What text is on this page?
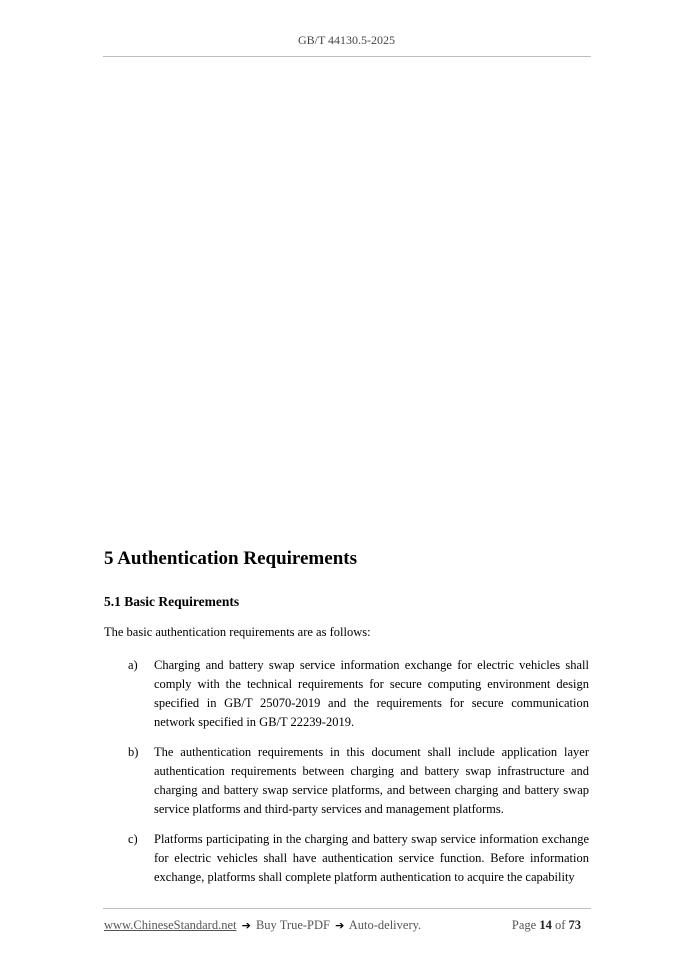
GB/T 44130.5-2025
5 Authentication Requirements
5.1 Basic Requirements

The basic authentication requirements are as follows:

a) Charging and battery swap service information exchange for electric vehicles shall comply with the technical requirements for secure computing environment design specified in GB/T 25070-2019 and the requirements for secure communication network specified in GB/T 22239-2019.
b) The authentication requirements in this document shall include application layer authentication requirements between charging and battery swap infrastructure and charging and battery swap service platforms, and between charging and battery swap service platforms and third-party services and management platforms.
c) Platforms participating in the charging and battery swap service information exchange for electric vehicles shall have authentication service function. Before information exchange, platforms shall complete platform authentication to acquire the capability
www.ChineseStandard.net ➔ Buy True-PDF ➔ Auto-delivery.	Page 14 of 73
